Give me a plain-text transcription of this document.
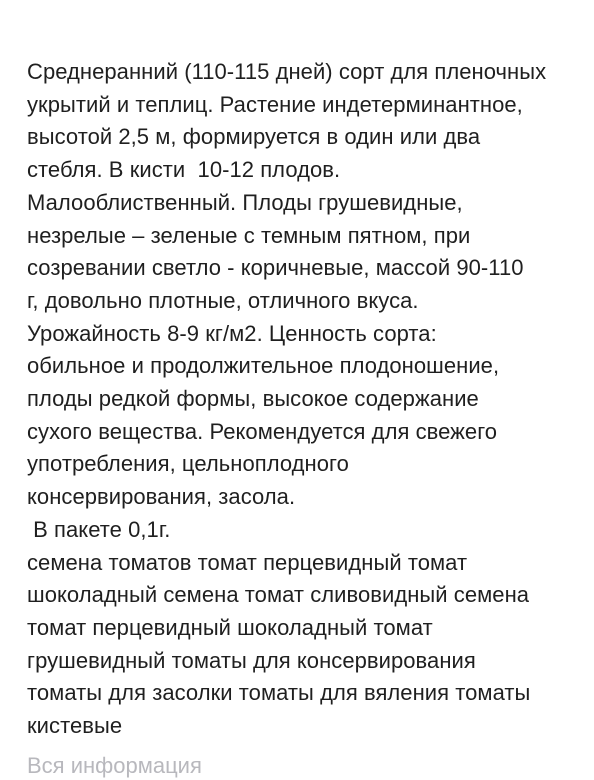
Среднеранний (110-115 дней) сорт для пленочных
укрытий и теплиц. Растение индетерминантное,
высотой 2,5 м, формируется в один или два
стебля. В кисти  10-12 плодов.
Малооблиственный. Плоды грушевидные,
незрелые – зеленые с темным пятном, при
созревании светло - коричневые, массой 90-110
г, довольно плотные, отличного вкуса.
Урожайность 8-9 кг/м2. Ценность сорта:
обильное и продолжительное плодоношение,
плоды редкой формы, высокое содержание
сухого вещества. Рекомендуется для свежего
употребления, цельноплодного
консервирования, засола.
В пакете 0,1г.
семена томатов томат перцевидный томат
шоколадный семена томат сливовидный семена
томат перцевидный шоколадный томат
грушевидный томаты для консервирования
томаты для засолки томаты для вяления томаты
кистевые
Вся информация
